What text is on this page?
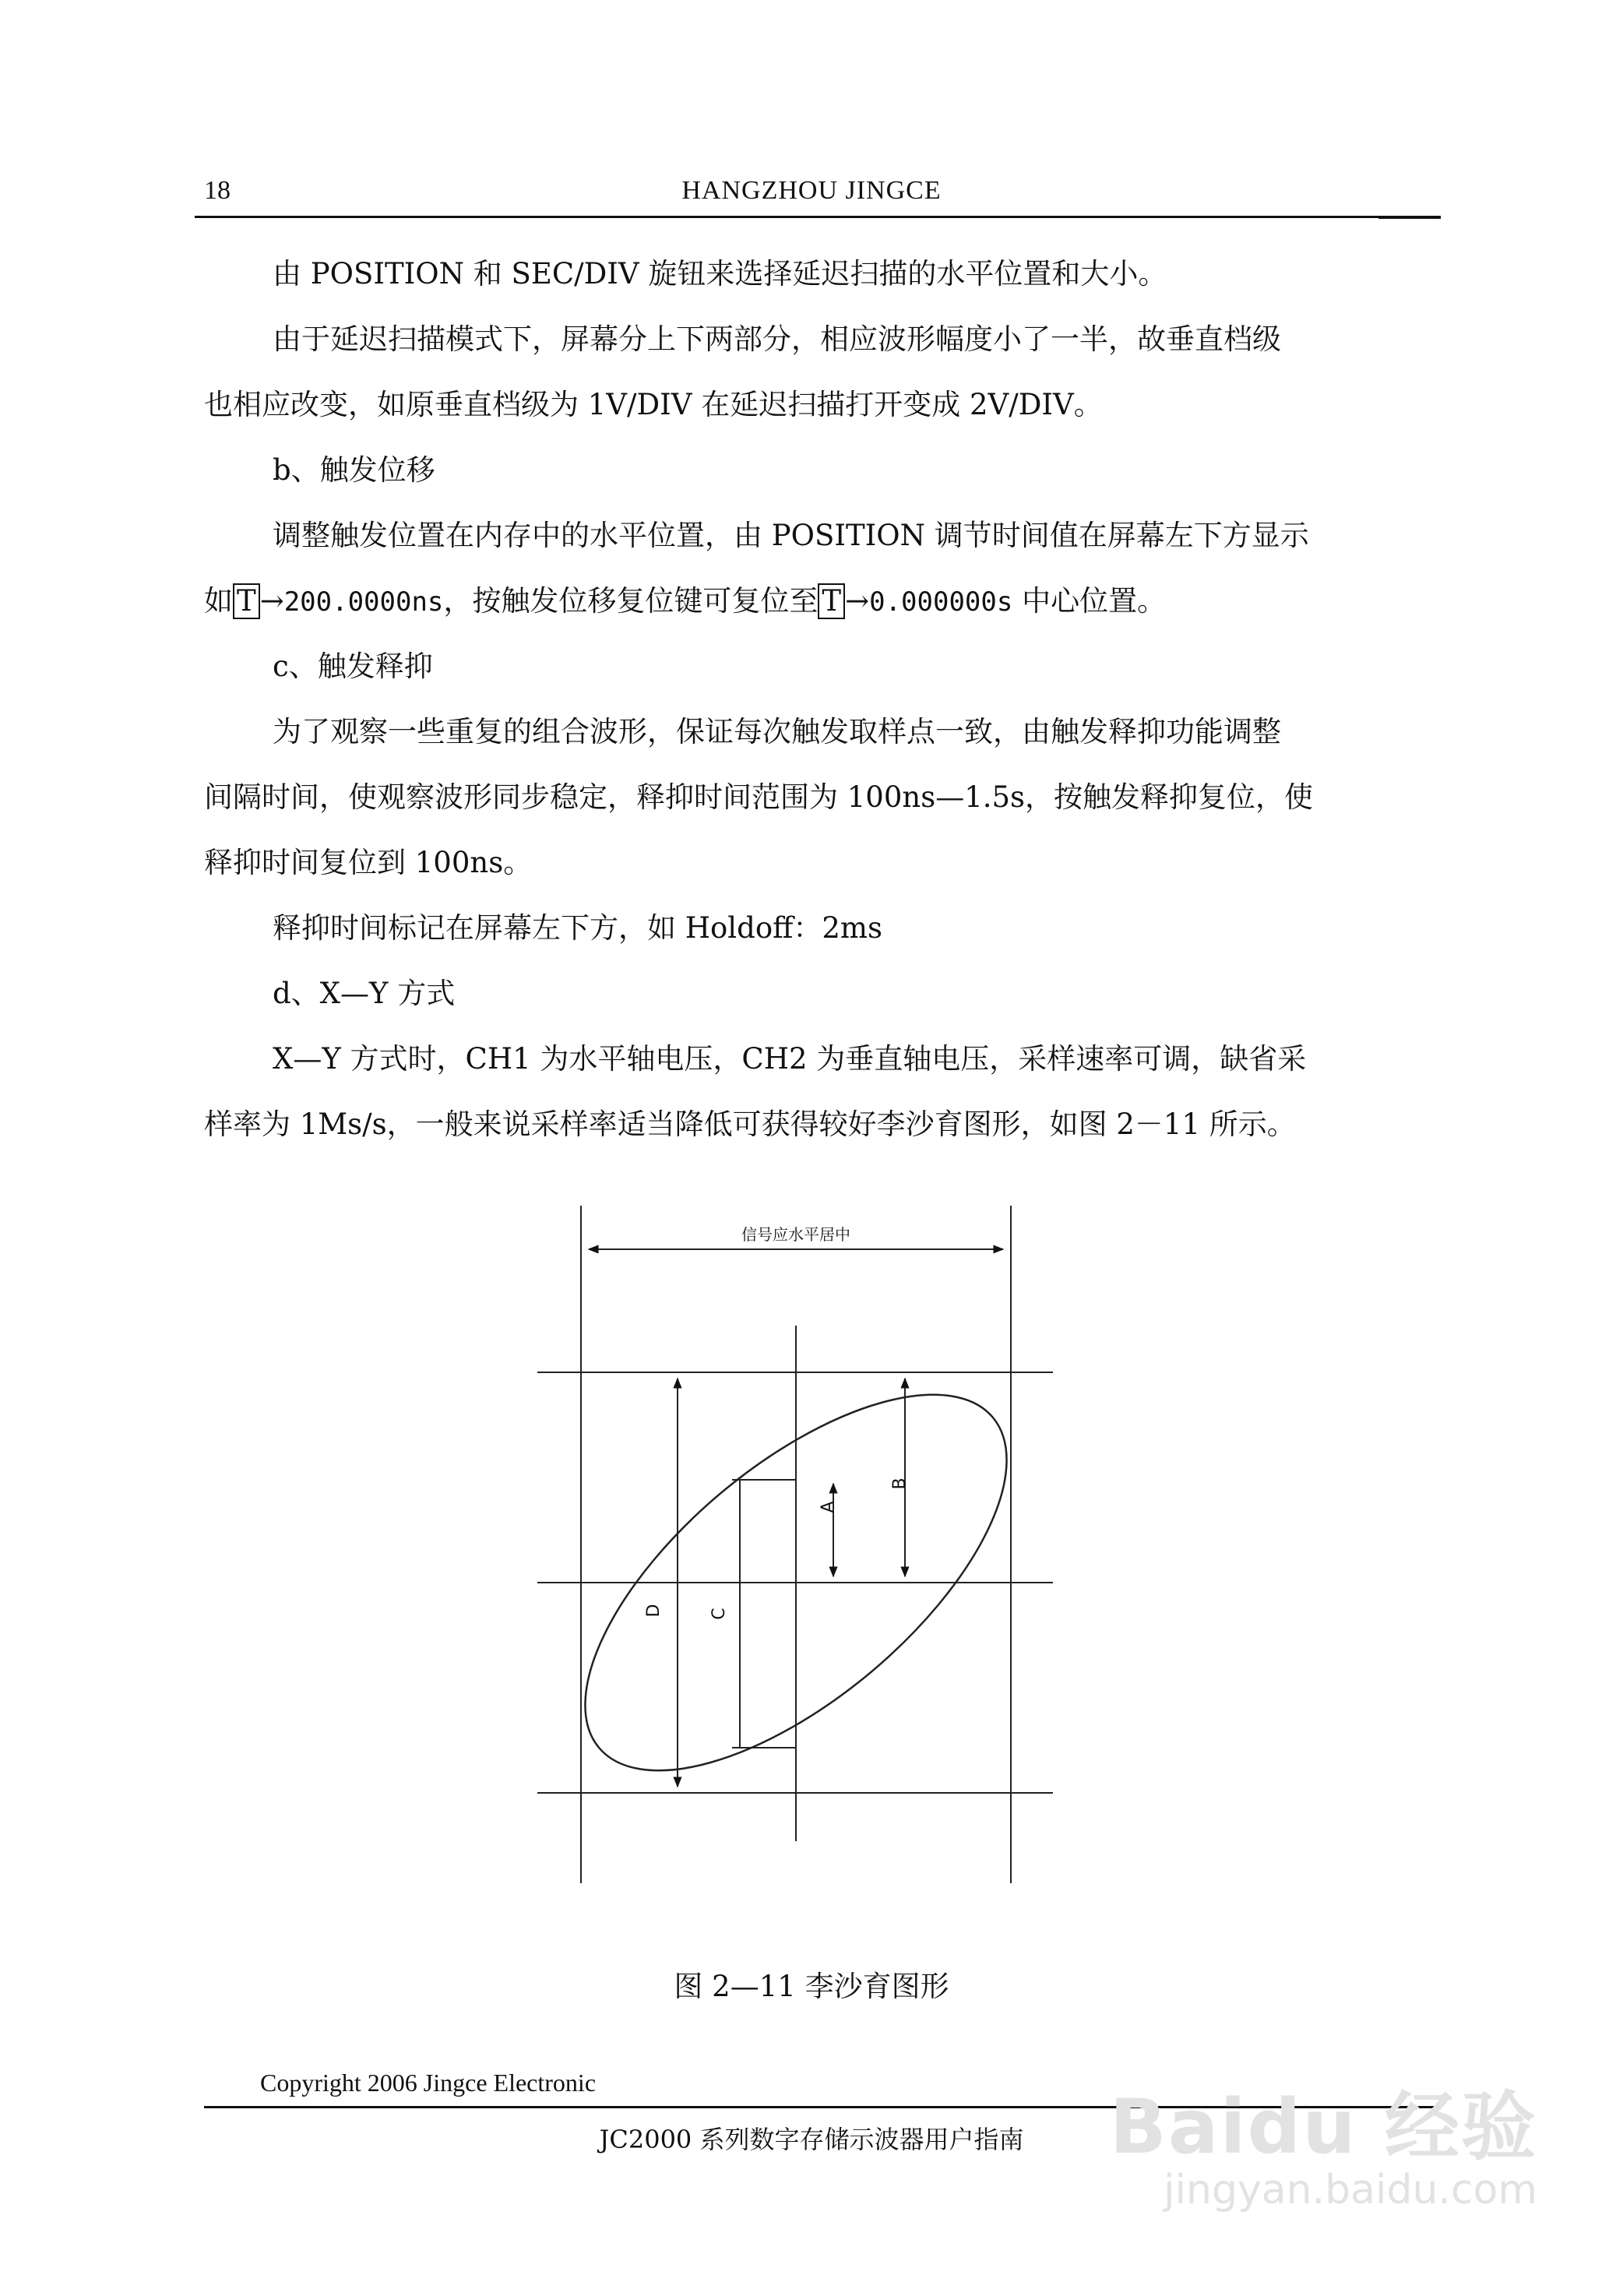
18	HANGZHOU JINGCE
由 POSITION 和 SEC/DIV 旋钮来选择延迟扫描的水平位置和大小。
由于延迟扫描模式下，屏幕分上下两部分，相应波形幅度小了一半，故垂直档级
也相应改变，如原垂直档级为 1V/DIV 在延迟扫描打开变成 2V/DIV。
b、触发位移
调整触发位置在内存中的水平位置，由 POSITION 调节时间值在屏幕左下方显示
如 T →200.0000ns，按触发位移复位键可复位至 T →0.000000s 中心位置。
c、触发释抑
为了观察一些重复的组合波形，保证每次触发取样点一致，由触发释抑功能调整
间隔时间，使观察波形同步稳定，释抑时间范围为 100ns—1.5s，按触发释抑复位，使
释抑时间复位到 100ns。
释抑时间标记在屏幕左下方，如 Holdoff：2ms
d、X—Y 方式
X—Y 方式时，CH1 为水平轴电压，CH2 为垂直轴电压，采样速率可调，缺省采
样率为 1Ms/s，一般来说采样率适当降低可获得较好李沙育图形，如图 2－11 所示。
信号应水平居中
D	C
A
B
图 2—11 李沙育图形
Copyright 2006 Jingce Electronic
JC2000 系列数字存储示波器用户指南	Baidu 经验
jingyan.baidu.com
